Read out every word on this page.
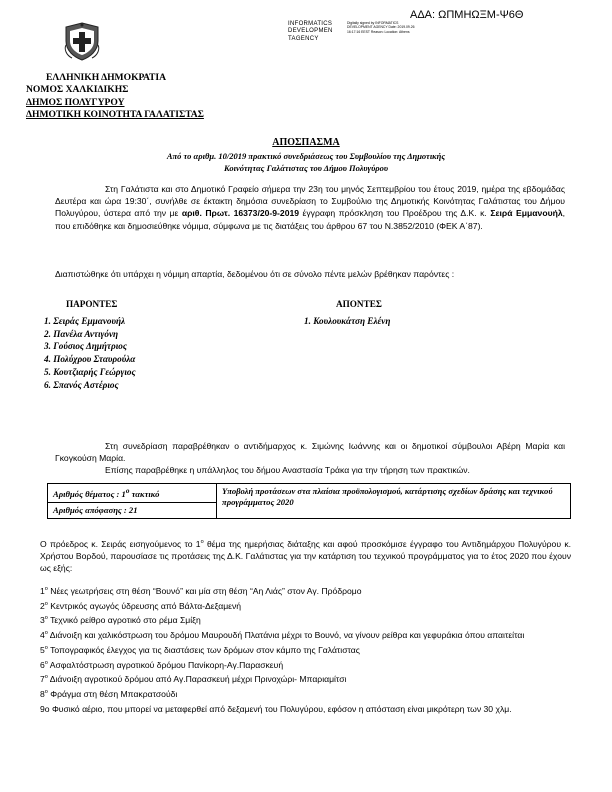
ΑΔΑ: ΩΠΜΗΩΞΜ-Ψ6Θ
INFORMATICS
DEVELOPMEN
TAGENCY
Digitally signed by INFORMATICS DEVELOPMENT AGENCY Date: 2019.09.26 16:17:16 EEST Reason: Location: Athens
ΕΛΛΗΝΙΚΗ ΔΗΜΟΚΡΑΤΙΑ
ΝΟΜΟΣ ΧΑΛΚΙΔΙΚΗΣ
ΔΗΜΟΣ ΠΟΛΥΓΥΡΟΥ
ΔΗΜΟΤΙΚΗ ΚΟΙΝΟΤΗΤΑ ΓΑΛΑΤΙΣΤΑΣ
ΑΠΟΣΠΑΣΜΑ
Από το αριθμ. 10/2019 πρακτικό συνεδριάσεως του Συμβουλίου της Δημοτικής
Κοινότητας Γαλάτιστας του Δήμου Πολυγύρου
Στη Γαλάτιστα και στο Δημοτικό Γραφείο σήμερα την 23η του μηνός Σεπτεμβρίου του έτους 2019, ημέρα της εβδομάδας Δευτέρα και ώρα 19:30΄, συνήλθε σε έκτακτη δημόσια συνεδρίαση το Συμβούλιο της Δημοτικής Κοινότητας Γαλάτιστας του Δήμου Πολυγύρου, ύστερα από την με αριθ. Πρωτ. 16373/20-9-2019 έγγραφη πρόσκληση του Προέδρου της Δ.Κ. κ. Σειρά Εμμανουήλ, που επιδόθηκε και δημοσιεύθηκε νόμιμα, σύμφωνα με τις διατάξεις του άρθρου 67 του Ν.3852/2010 (ΦΕΚ Α΄87).
Διαπιστώθηκε ότι υπάρχει η νόμιμη απαρτία, δεδομένου ότι σε σύνολο πέντε μελών βρέθηκαν παρόντες :
ΠΑΡΟΝΤΕΣ
1. Σειράς Εμμανουήλ
2. Πανέλα Αντιγόνη
3. Γούσιος Δημήτριος
4. Πολύχρου Σταυρούλα
5. Κουτζιαρής Γεώργιος
6. Σπανός Αστέριος
ΑΠΟΝΤΕΣ
1. Κουλουκάτση Ελένη
Στη συνεδρίαση παραβρέθηκαν ο αντιδήμαρχος κ. Σιμώνης Ιωάννης και οι δημοτικοί σύμβουλοι Αβέρη Μαρία και Γκογκούση Μαρία.
Επίσης παραβρέθηκε η υπάλληλος του δήμου Αναστασία Τράκα για την τήρηση των πρακτικών.
Αριθμός θέματος : $1^o$ τακτικό	Υποβολή προτάσεων στα πλαίσια προϋπολογισμού, κατάρτισης σχεδίων δράσης και τεχνικού προγράμματος 2020
Αριθμός απόφασης : 21
Ο πρόεδρος κ. Σειράς εισηγούμενος το $1^o$ θέμα της ημερήσιας διάταξης και αφού προσκόμισε έγγραφο του Αντιδημάρχου Πολυγύρου κ. Χρήστου Βορδού, παρουσίασε τις προτάσεις της Δ.Κ. Γαλάτιστας για την κατάρτιση του τεχνικού προγράμματος για το έτος 2020 που έχουν ως εξής:
$1^o$ Νέες γεωτρήσεις στη θέση “Βουνό” και μία στη θέση “Αη Λιάς” στον Αγ. Πρόδρομο
$2^o$ Κεντρικός αγωγός ύδρευσης από Βάλτα-Δεξαμενή
$3^o$ Τεχνικό ρείθρο αγροτικό στο ρέμα Σμίξη
$4^o$ Διάνοιξη και χαλικόστρωση του δρόμου Μαυρουδή Πλατάνια μέχρι το Βουνό, να γίνουν ρείθρα και γεφυράκια όπου απαιτείται
$5^o$ Τοπογραφικός έλεγχος για τις διαστάσεις των δρόμων στον κάμπο της Γαλάτιστας
$6^o$ Ασφαλτόστρωση αγροτικού δρόμου Πανίκορη-Αγ.Παρασκευή
$7^o$ Διάνοιξη αγροτικού δρόμου από Αγ.Παρασκευή μέχρι Πρινοχώρι- Μπαριαμίτσι
$8^o$ Φράγμα στη θέση Μπακρατσούδι
9ο Φυσικό αέριο, που μπορεί να μεταφερθεί από δεξαμενή του Πολυγύρου, εφόσον η απόσταση είναι μικρότερη των 30 χλμ.
